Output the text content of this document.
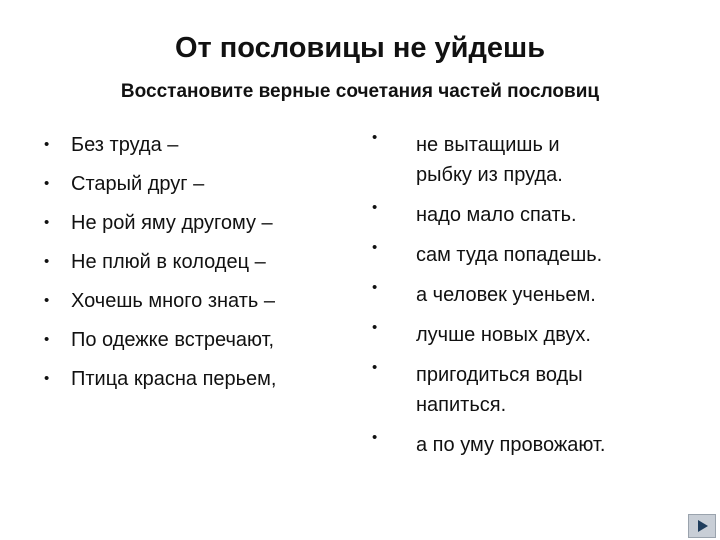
От пословицы не уйдешь
Восстановите верные сочетания частей пословиц
• Без труда –
• Старый друг –
• Не рой яму другому –
• Не плюй в колодец –
• Хочешь много знать –
• По одежке встречают,
• Птица красна перьем,
• не вытащишь и
рыбку из пруда.
• надо мало спать.
• сам туда попадешь.
• а человек ученьем.
• лучше новых двух.
• пригодиться воды
напиться.
• а по уму провожают.
